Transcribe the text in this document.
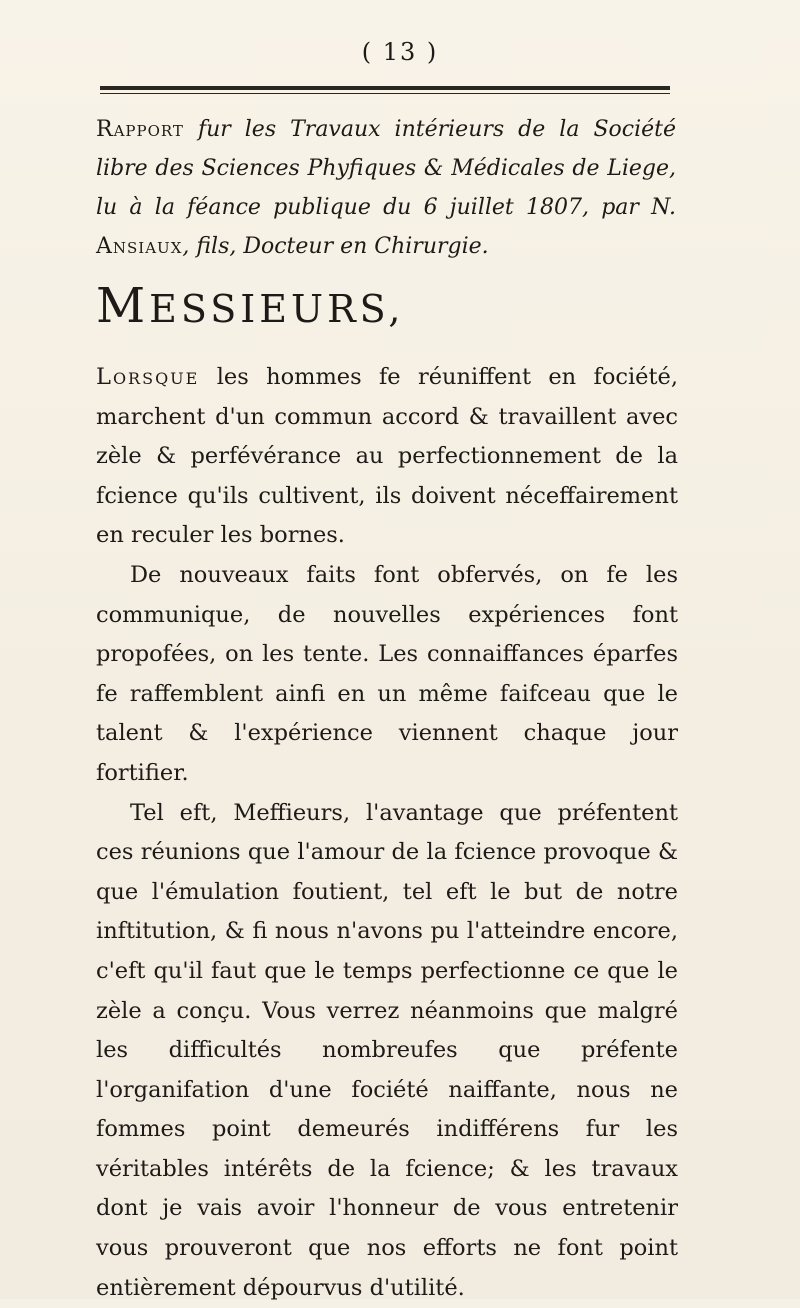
( 13 )
Rapport fur les Travaux intérieurs de la Société libre des Sciences Phyfiques & Médicales de Liege, lu à la féance publique du 6 juillet 1807, par N. Ansiaux, fils, Docteur en Chirurgie.
MESSIEURS,

Lorsque les hommes fe réuniffent en fociété, marchent d'un commun accord & travaillent avec zèle & perfévérance au perfectionnement de la fcience qu'ils cultivent, ils doivent néceffairement en reculer les bornes.

De nouveaux faits font obfervés, on fe les communique, de nouvelles expériences font propofées, on les tente. Les connaiffances éparfes fe raffemblent ainfi en un même faifceau que le talent & l'expérience viennent chaque jour fortifier.

Tel eft, Meffieurs, l'avantage que préfentent ces réunions que l'amour de la fcience provoque & que l'émulation foutient, tel eft le but de notre inftitution, & fi nous n'avons pu l'atteindre encore, c'eft qu'il faut que le temps perfectionne ce que le zèle a conçu. Vous verrez néanmoins que malgré les difficultés nombreufes que préfente l'organifation d'une fociété naiffante, nous ne fommes point demeurés indifférens fur les véritables intérêts de la fcience; & les travaux dont je vais avoir l'honneur de vous entretenir vous prouveront que nos efforts ne font point entièrement dépourvus d'utilité.
